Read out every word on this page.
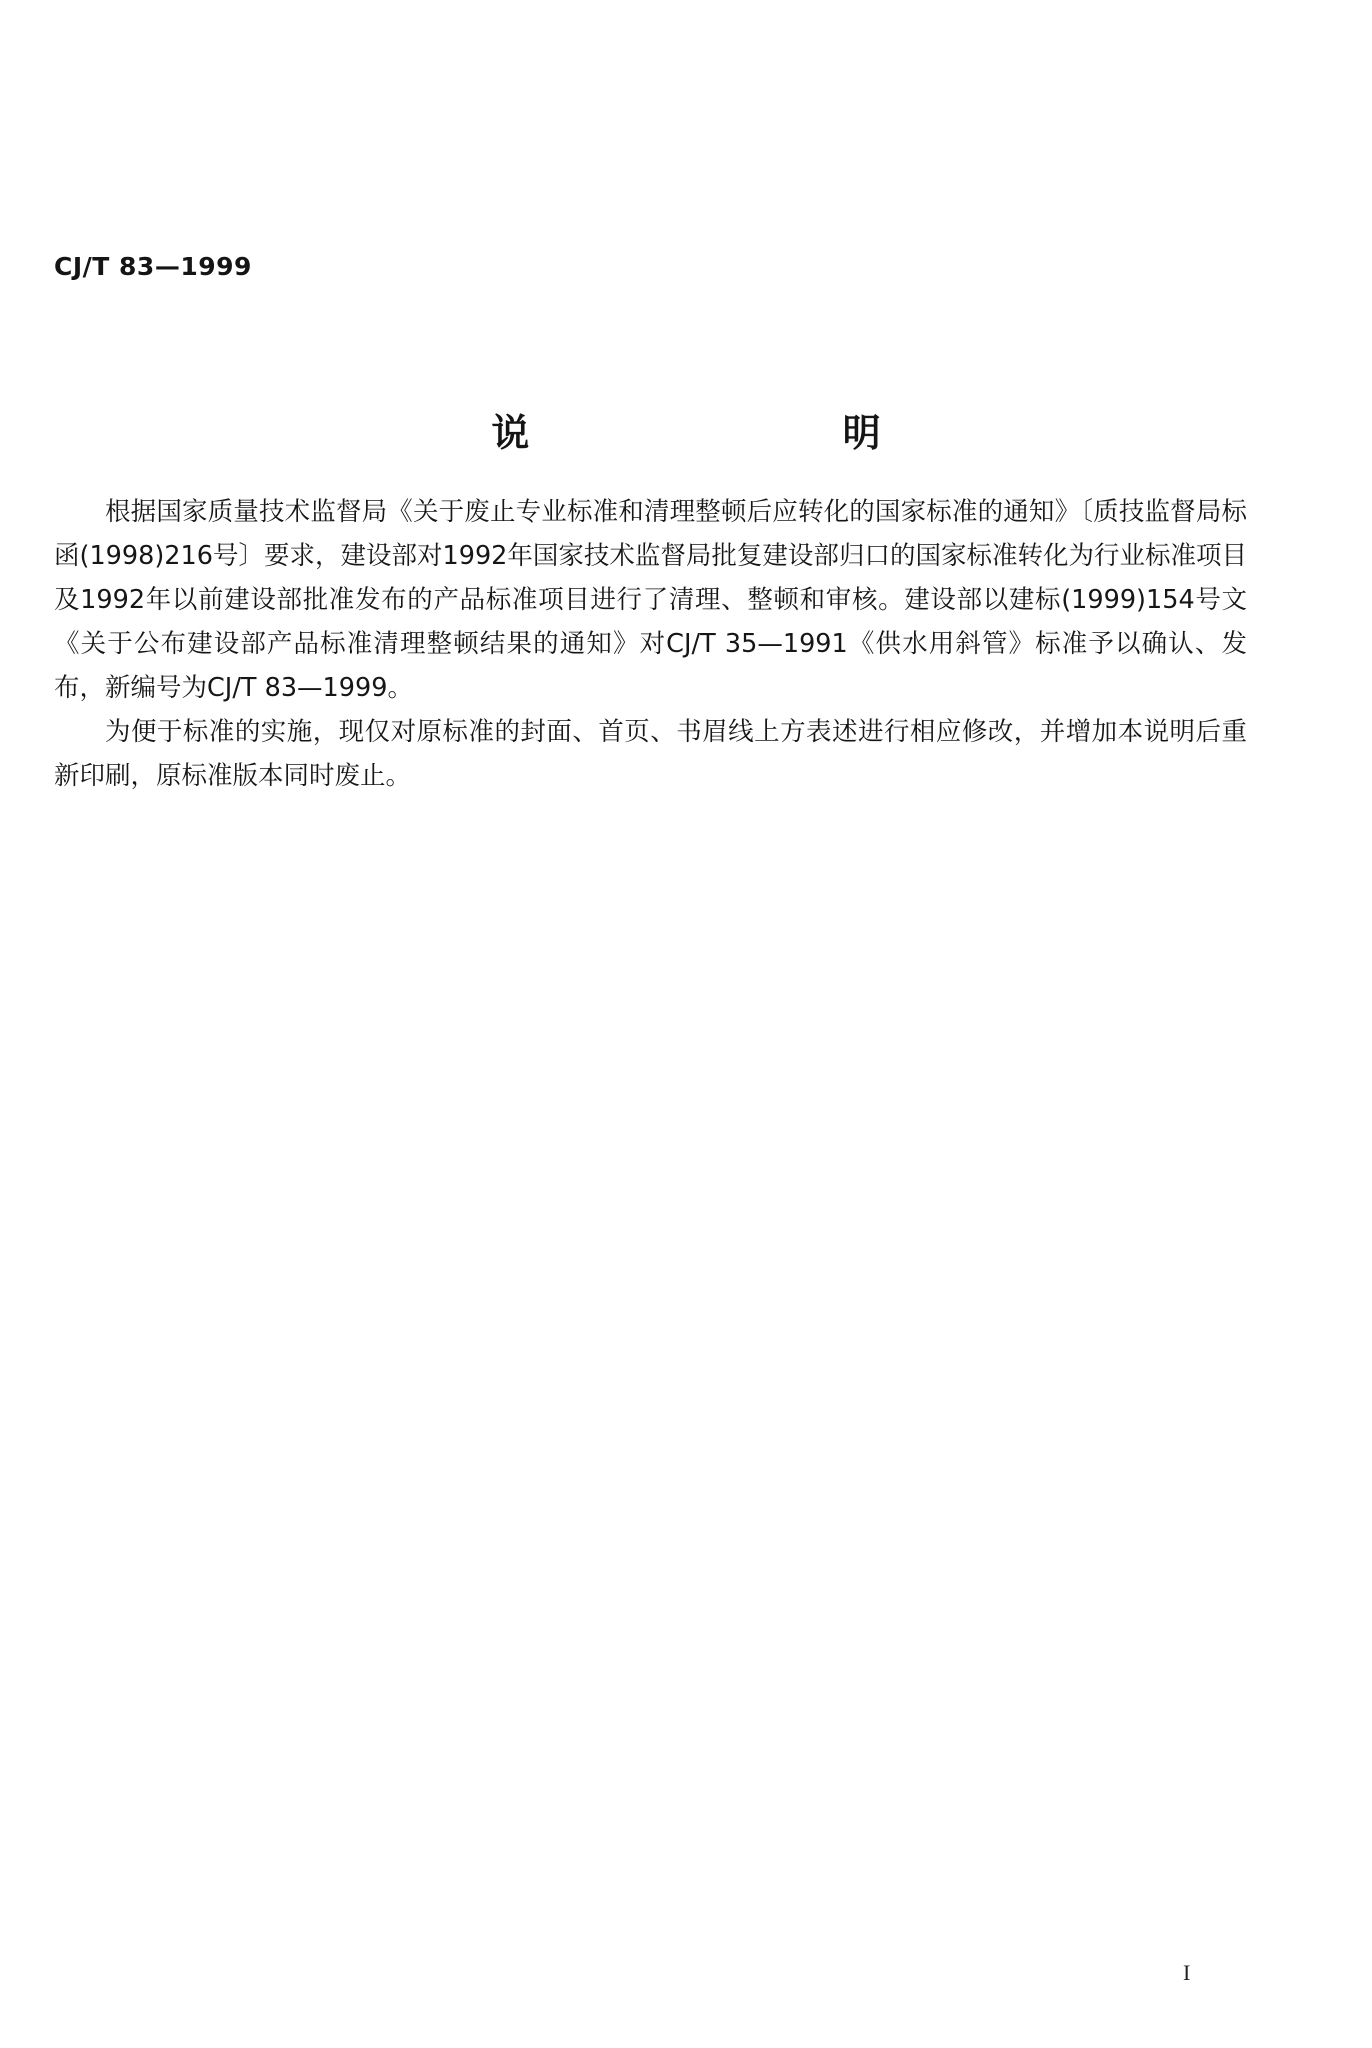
CJ/T 83—1999
说 明

根据国家质量技术监督局《关于废止专业标准和清理整顿后应转化的国家标准的通知》〔质技监督局标函(1998)216号〕要求，建设部对1992年国家技术监督局批复建设部归口的国家标准转化为行业标准项目及1992年以前建设部批准发布的产品标准项目进行了清理、整顿和审核。建设部以建标(1999)154号文《关于公布建设部产品标准清理整顿结果的通知》对CJ/T 35—1991《供水用斜管》标准予以确认、发布，新编号为CJ/T 83—1999。

为便于标准的实施，现仅对原标准的封面、首页、书眉线上方表述进行相应修改，并增加本说明后重新印刷，原标准版本同时废止。

I
